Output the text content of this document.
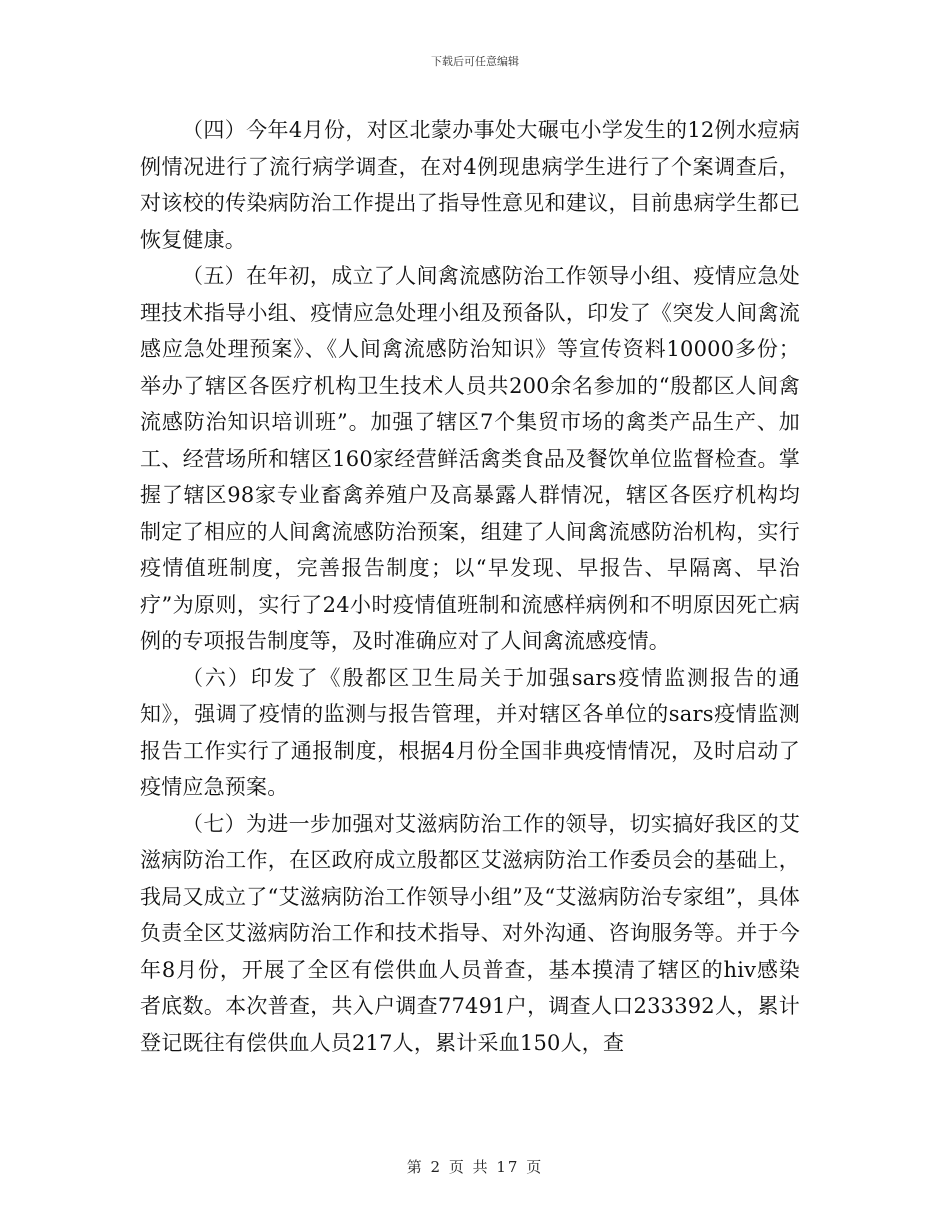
下载后可任意编辑

（四）今年4月份，对区北蒙办事处大碾屯小学发生的12例水痘病例情况进行了流行病学调查，在对4例现患病学生进行了个案调查后，对该校的传染病防治工作提出了指导性意见和建议，目前患病学生都已恢复健康。

（五）在年初，成立了人间禽流感防治工作领导小组、疫情应急处理技术指导小组、疫情应急处理小组及预备队，印发了《突发人间禽流感应急处理预案》、《人间禽流感防治知识》等宣传资料10000多份；举办了辖区各医疗机构卫生技术人员共200余名参加的“殷都区人间禽流感防治知识培训班”。加强了辖区7个集贸市场的禽类产品生产、加工、经营场所和辖区160家经营鲜活禽类食品及餐饮单位监督检查。掌握了辖区98家专业畜禽养殖户及高暴露人群情况，辖区各医疗机构均制定了相应的人间禽流感防治预案，组建了人间禽流感防治机构，实行疫情值班制度，完善报告制度；以“早发现、早报告、早隔离、早治疗”为原则，实行了24小时疫情值班制和流感样病例和不明原因死亡病例的专项报告制度等，及时准确应对了人间禽流感疫情。

（六）印发了《殷都区卫生局关于加强sars疫情监测报告的通知》，强调了疫情的监测与报告管理，并对辖区各单位的sars疫情监测报告工作实行了通报制度，根据4月份全国非典疫情情况，及时启动了疫情应急预案。

（七）为进一步加强对艾滋病防治工作的领导，切实搞好我区的艾滋病防治工作，在区政府成立殷都区艾滋病防治工作委员会的基础上，我局又成立了“艾滋病防治工作领导小组”及“艾滋病防治专家组”，具体负责全区艾滋病防治工作和技术指导、对外沟通、咨询服务等。并于今年8月份，开展了全区有偿供血人员普查，基本摸清了辖区的hiv感染者底数。本次普查，共入户调查77491户，调查人口233392人，累计登记既往有偿供血人员217人，累计采血150人，查

第 2 页 共 17 页
